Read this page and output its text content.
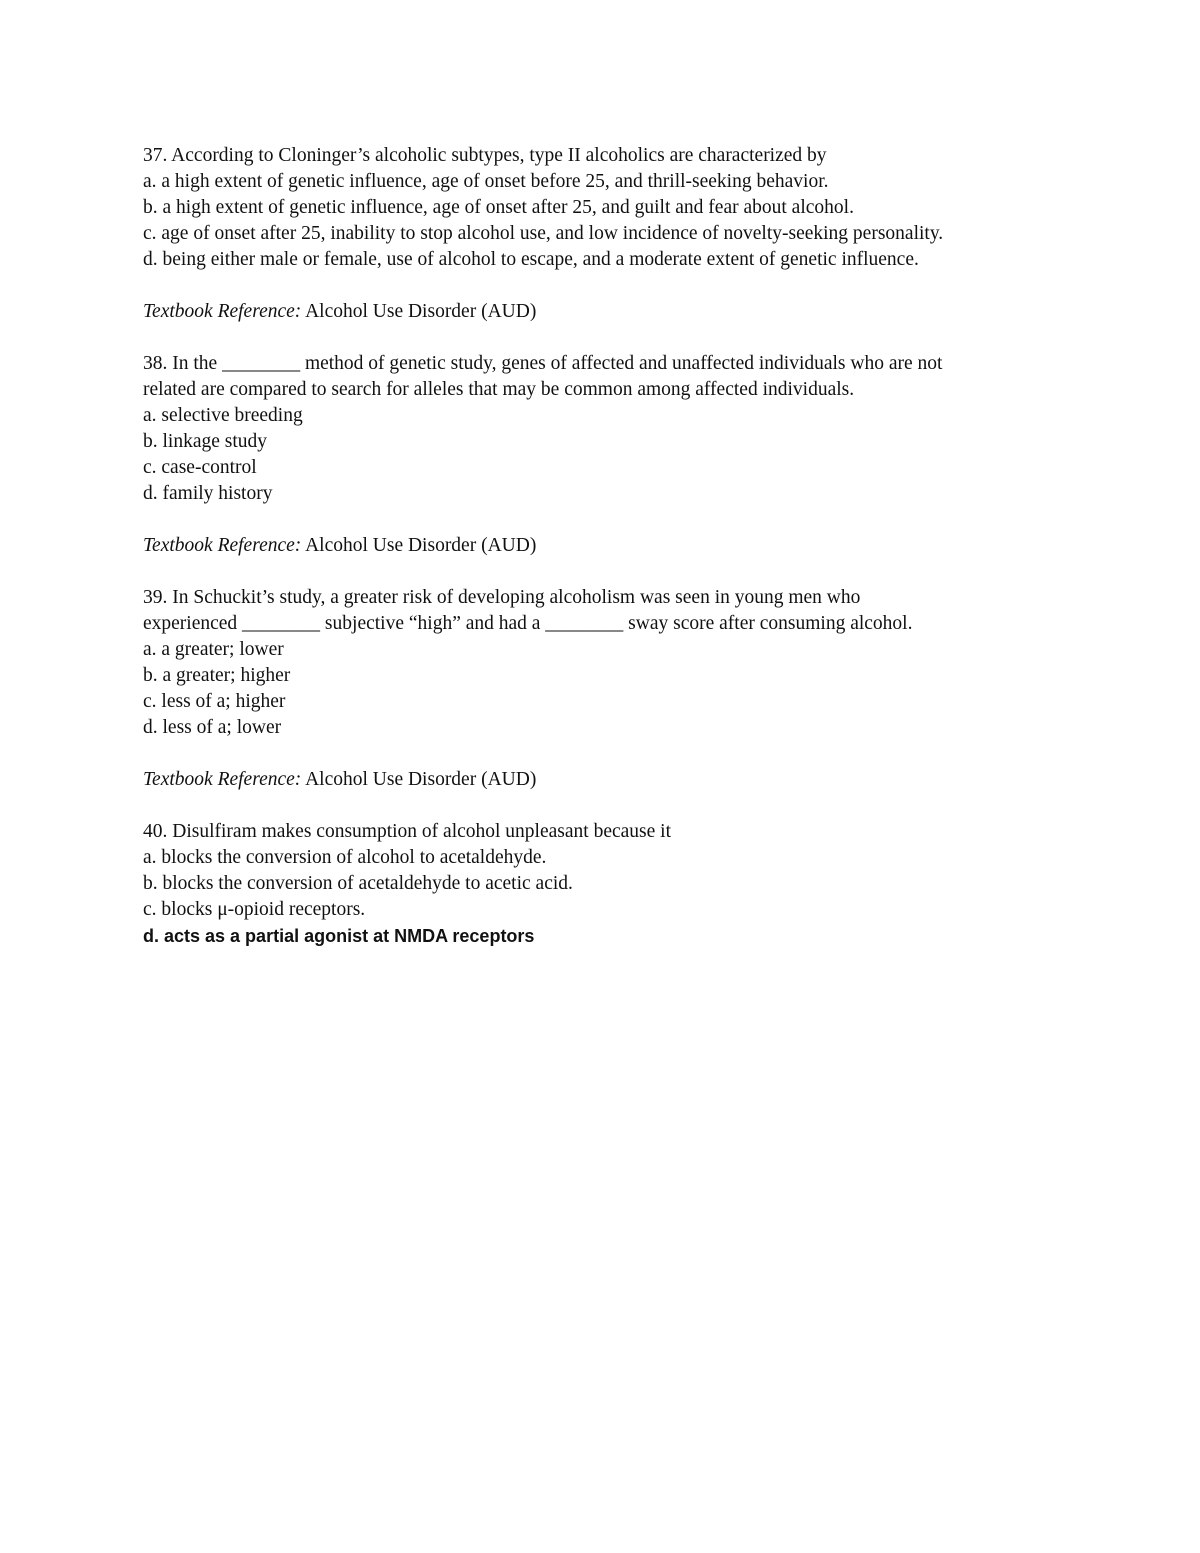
37. According to Cloninger’s alcoholic subtypes, type II alcoholics are characterized by
a. a high extent of genetic influence, age of onset before 25, and thrill-seeking behavior.
b. a high extent of genetic influence, age of onset after 25, and guilt and fear about alcohol.
c. age of onset after 25, inability to stop alcohol use, and low incidence of novelty-seeking personality.
d. being either male or female, use of alcohol to escape, and a moderate extent of genetic influence.
Textbook Reference: Alcohol Use Disorder (AUD)
38. In the ________ method of genetic study, genes of affected and unaffected individuals who are not
related are compared to search for alleles that may be common among affected individuals.
a. selective breeding
b. linkage study
c. case-control
d. family history
Textbook Reference: Alcohol Use Disorder (AUD)
39. In Schuckit’s study, a greater risk of developing alcoholism was seen in young men who
experienced ________ subjective “high” and had a ________ sway score after consuming alcohol.
a. a greater; lower
b. a greater; higher
c. less of a; higher
d. less of a; lower
Textbook Reference: Alcohol Use Disorder (AUD)
40. Disulfiram makes consumption of alcohol unpleasant because it
a. blocks the conversion of alcohol to acetaldehyde.
b. blocks the conversion of acetaldehyde to acetic acid.
c. blocks μ-opioid receptors.
d. acts as a partial agonist at NMDA receptors
